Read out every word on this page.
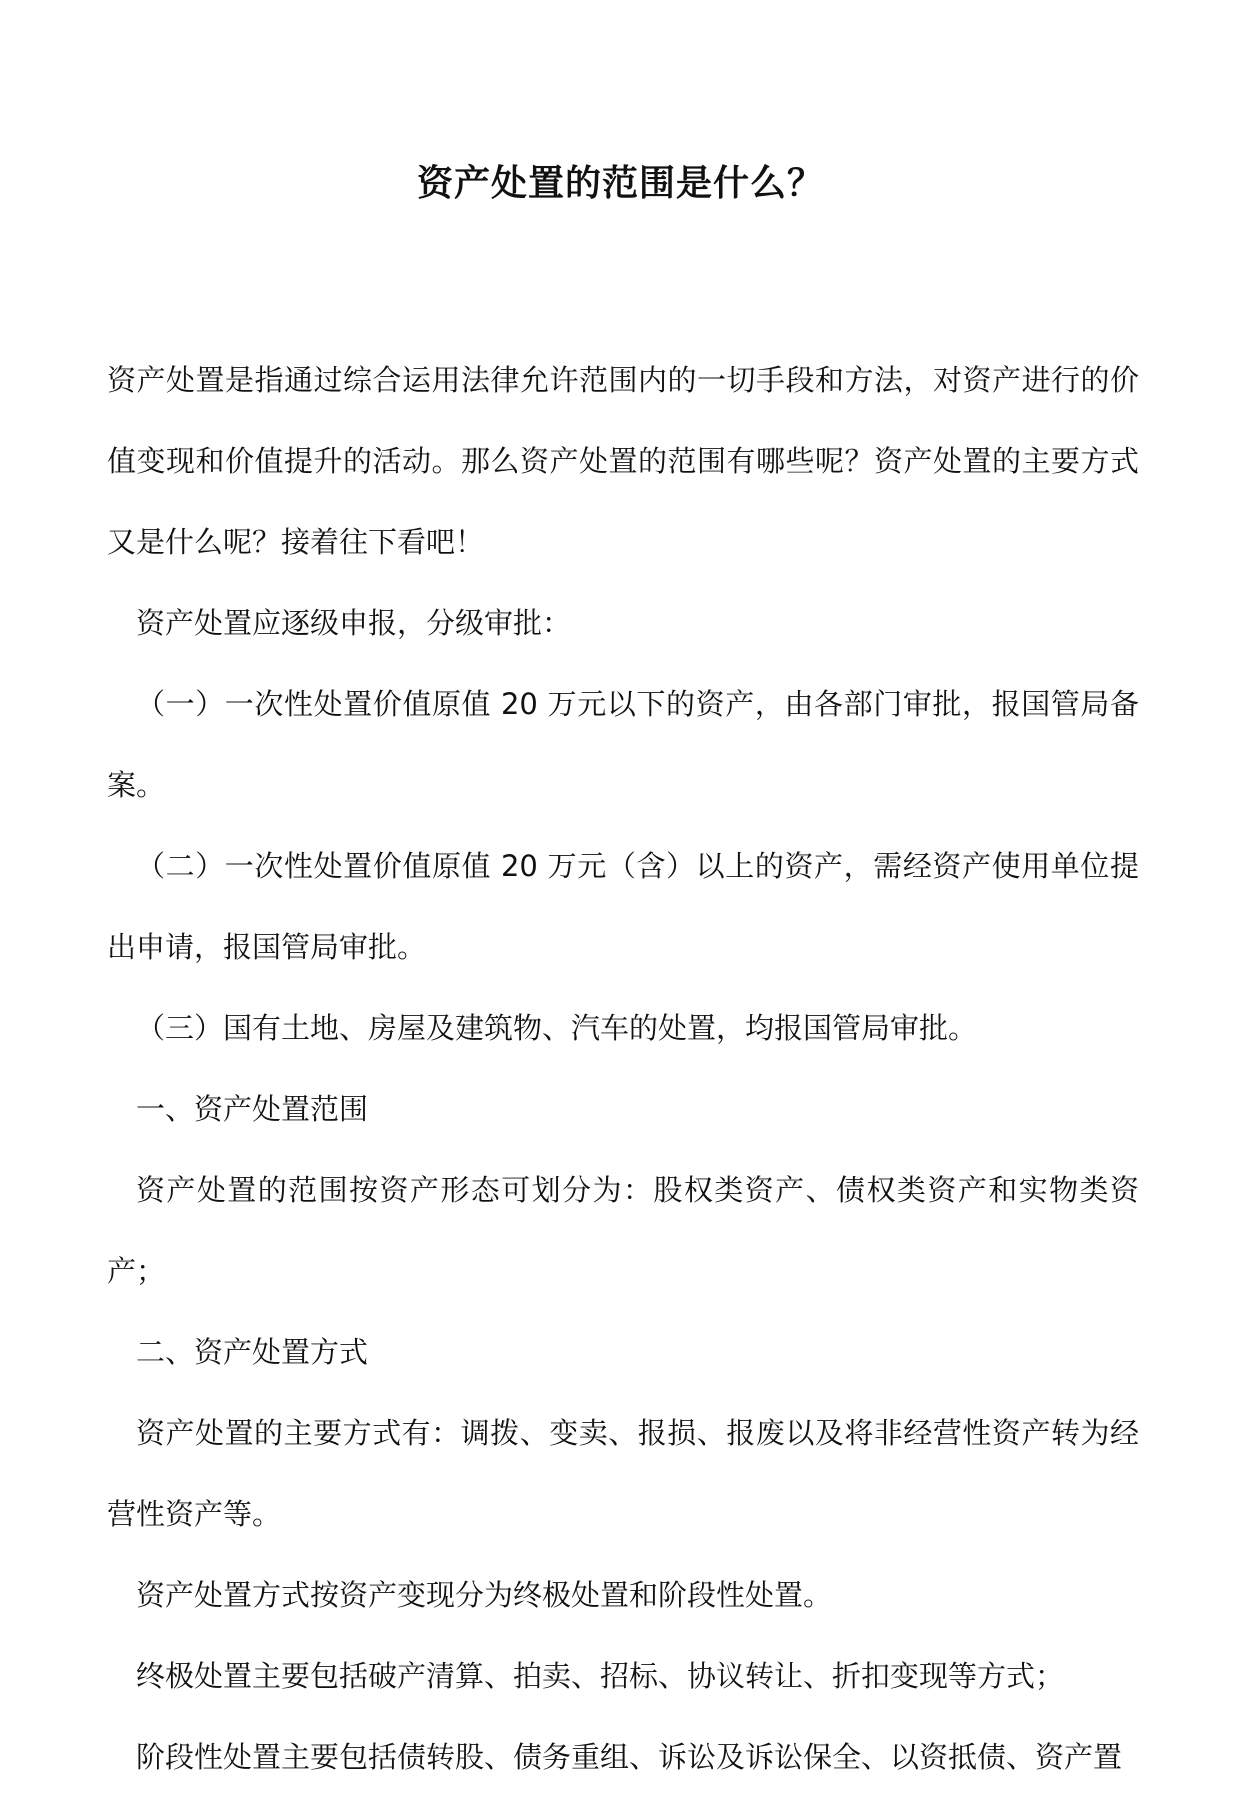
资产处置的范围是什么？

资产处置是指通过综合运用法律允许范围内的一切手段和方法，对资产进行的价值变现和价值提升的活动。那么资产处置的范围有哪些呢？资产处置的主要方式又是什么呢？接着往下看吧！

资产处置应逐级申报，分级审批：

（一）一次性处置价值原值 20 万元以下的资产，由各部门审批，报国管局备案。

（二）一次性处置价值原值 20 万元（含）以上的资产，需经资产使用单位提出申请，报国管局审批。

（三）国有土地、房屋及建筑物、汽车的处置，均报国管局审批。

一、资产处置范围

资产处置的范围按资产形态可划分为：股权类资产、债权类资产和实物类资产；

二、资产处置方式

资产处置的主要方式有：调拨、变卖、报损、报废以及将非经营性资产转为经营性资产等。

资产处置方式按资产变现分为终极处置和阶段性处置。

终极处置主要包括破产清算、拍卖、招标、协议转让、折扣变现等方式；

阶段性处置主要包括债转股、债务重组、诉讼及诉讼保全、以资抵债、资产置
